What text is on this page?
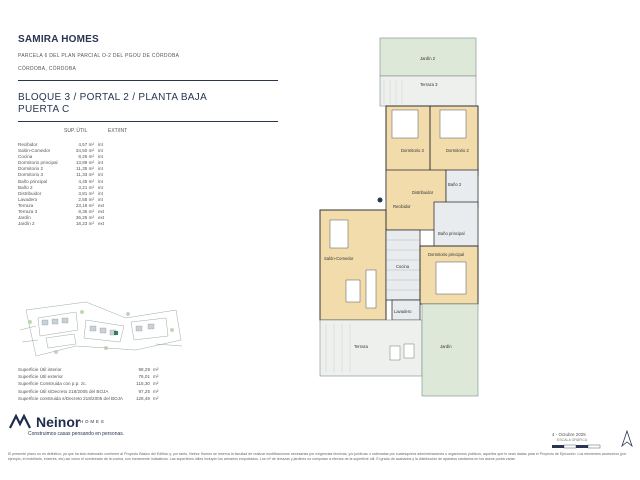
SAMIRA HOMES
PARCELA 6 DEL PLAN PARCIAL O-2 DEL PGOU DE CÓRDOBA
CÓRDOBA, CÓRDOBA
BLOQUE 3 / PORTAL 2 / PLANTA BAJA
PUERTA C
SUP. ÚTIL	EXT/INT
Recibidor	4,57 m² int
Salón-Comedor	34,50 m² int
Cocina	8,25 m² int
Dormitorio principal	13,89 m² int
Dormitorio 2	11,35 m² int
Dormitorio 3	11,33 m² int
Baño principal	4,45 m² int
Baño 2	3,21 m² int
Distribuidor	3,81 m² int
Lavadero	2,55 m² int
Terraza	23,18 m² ext
Terraza 3	8,35 m² ext
Jardín	36,25 m² ext
Jardín 2	18,23 m² ext
Superficie Útil interior	98,29 m²
Superficie Útil exterior	76,01 m²
Superficie Construida con p.p. zc.	115,30 m²
Superficie Útil s/Decreto 218/2005 del BOJA	97,25 m²
Superficie construida s/Decreto 218/2005 del BOJA	128,49 m²
Jardín 2
Terraza 3
Dormitorio 3	Dormitorio 2
Distribuidor
Baño 2
Recibidor
Baño principal
Salón-Comedor
Cocina
Dormitorio principal
Lavadero
Terraza	Jardín
Neinor HOMES
Construimos casas pensando en personas.	4 - Octubre 2025
ESCALA GRÁFICA
El presente plano no es definitivo, ya que ha sido elaborado conforme al Proyecto Básico del Edificio y, por tanto, Neinor Homes se reserva la facultad de realizar modificaciones necesarias por exigencias técnicas, y/o jurídicas u ordenadas por cualesquiera administraciones u organismos públicos, aquellos que le sean dadas para el Proyecto de Ejecución. Los elementos accesorios (por ejemplo, el mobiliario, enseres, etc) así como el sombreado de la cocina, son meramente indicativos. Las superficies útiles incluyen los armarios empotrados. Los m² de terrazas y jardines no computan a efectos de la superficie útil. El grado de acabados y la distribución de aparatos sanitarios en los aseos podrá variar.
